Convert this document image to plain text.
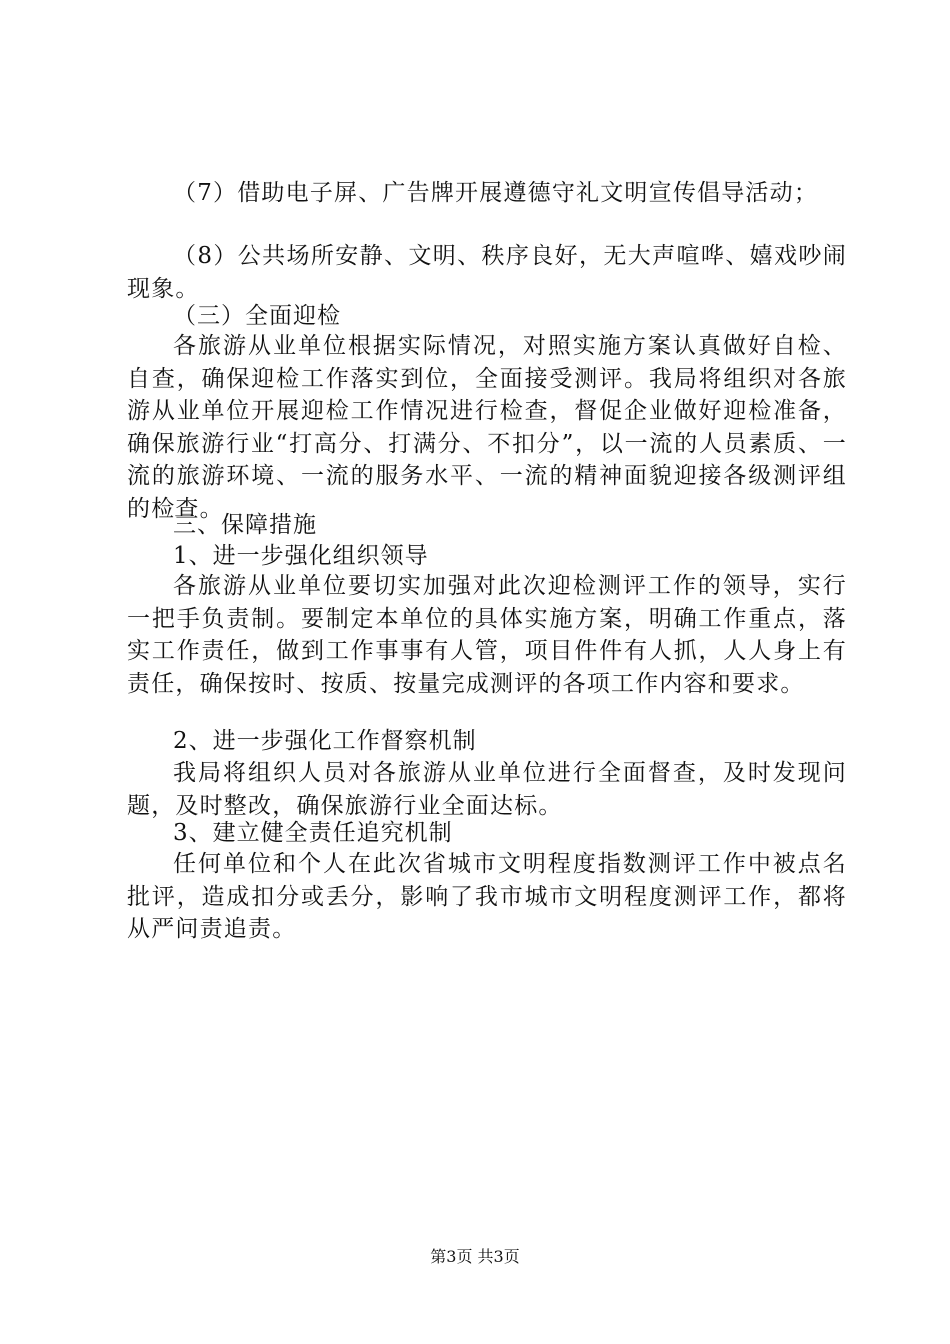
（7）借助电子屏、广告牌开展遵德守礼文明宣传倡导活动；

（8）公共场所安静、文明、秩序良好，无大声喧哗、嬉戏吵闹现象。

（三）全面迎检

各旅游从业单位根据实际情况，对照实施方案认真做好自检、自查，确保迎检工作落实到位，全面接受测评。我局将组织对各旅游从业单位开展迎检工作情况进行检查，督促企业做好迎检准备，确保旅游行业“打高分、打满分、不扣分”，以一流的人员素质、一流的旅游环境、一流的服务水平、一流的精神面貌迎接各级测评组的检查。

三、保障措施

1、进一步强化组织领导

各旅游从业单位要切实加强对此次迎检测评工作的领导，实行一把手负责制。要制定本单位的具体实施方案，明确工作重点，落实工作责任，做到工作事事有人管，项目件件有人抓，人人身上有责任，确保按时、按质、按量完成测评的各项工作内容和要求。

2、进一步强化工作督察机制

我局将组织人员对各旅游从业单位进行全面督查，及时发现问题，及时整改，确保旅游行业全面达标。

3、建立健全责任追究机制

任何单位和个人在此次省城市文明程度指数测评工作中被点名批评，造成扣分或丢分，影响了我市城市文明程度测评工作，都将从严问责追责。

第3页 共3页
